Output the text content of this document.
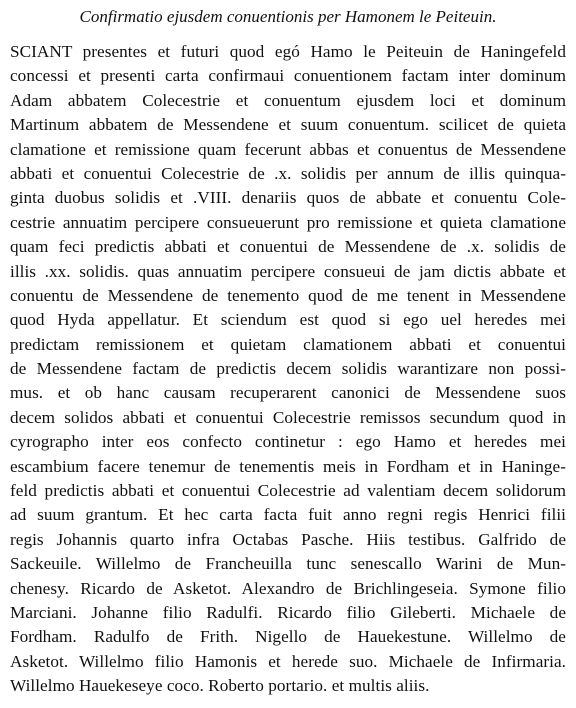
Confirmatio ejusdem conuentionis per Hamonem le Peiteuin.
SCIANT presentes et futuri quod egó Hamo le Peiteuin de Haningefeld
concessi et presenti carta confirmaui conuentionem factam inter dominum
Adam abbatem Colecestrie et conuentum ejusdem loci et dominum
Martinum abbatem de Messendene et suum conuentum. scilicet de quieta
clamatione et remissione quam fecerunt abbas et conuentus de Messendene
abbati et conuentui Colecestrie de .x. solidis per annum de illis quinqua-
ginta duobus solidis et .VIII. denariis quos de abbate et conuentu Cole-
cestrie annuatim percipere consueuerunt pro remissione et quieta clamatione
quam feci predictis abbati et conuentui de Messendene de .x. solidis de
illis .xx. solidis. quas annuatim percipere consueui de jam dictis abbate et
conuentu de Messendene de tenemento quod de me tenent in Messendene
quod Hyda appellatur. Et sciendum est quod si ego uel heredes mei
predictam remissionem et quietam clamationem abbati et conuentui
de Messendene factam de predictis decem solidis warantizare non possi-
mus. et ob hanc causam recuperarent canonici de Messendene suos
decem solidos abbati et conuentui Colecestrie remissos secundum quod in
cyrographo inter eos confecto continetur : ego Hamo et heredes mei
escambium facere tenemur de tenementis meis in Fordham et in Haninge-
feld predictis abbati et conuentui Colecestrie ad valentiam decem solidorum
ad suum grantum. Et hec carta facta fuit anno regni regis Henrici filii
regis Johannis quarto infra Octabas Pasche. Hiis testibus. Galfrido de
Sackeuile. Willelmo de Francheuilla tunc senescallo Warini de Mun-
chenesy. Ricardo de Asketot. Alexandro de Brichlingeseia. Symone filio
Marciani. Johanne filio Radulfi. Ricardo filio Gileberti. Michaele de
Fordham. Radulfo de Frith. Nigello de Hauekestune. Willelmo de
Asketot. Willelmo filio Hamonis et herede suo. Michaele de Infirmaria.
Willelmo Hauekeseye coco. Roberto portario. et multis aliis.
